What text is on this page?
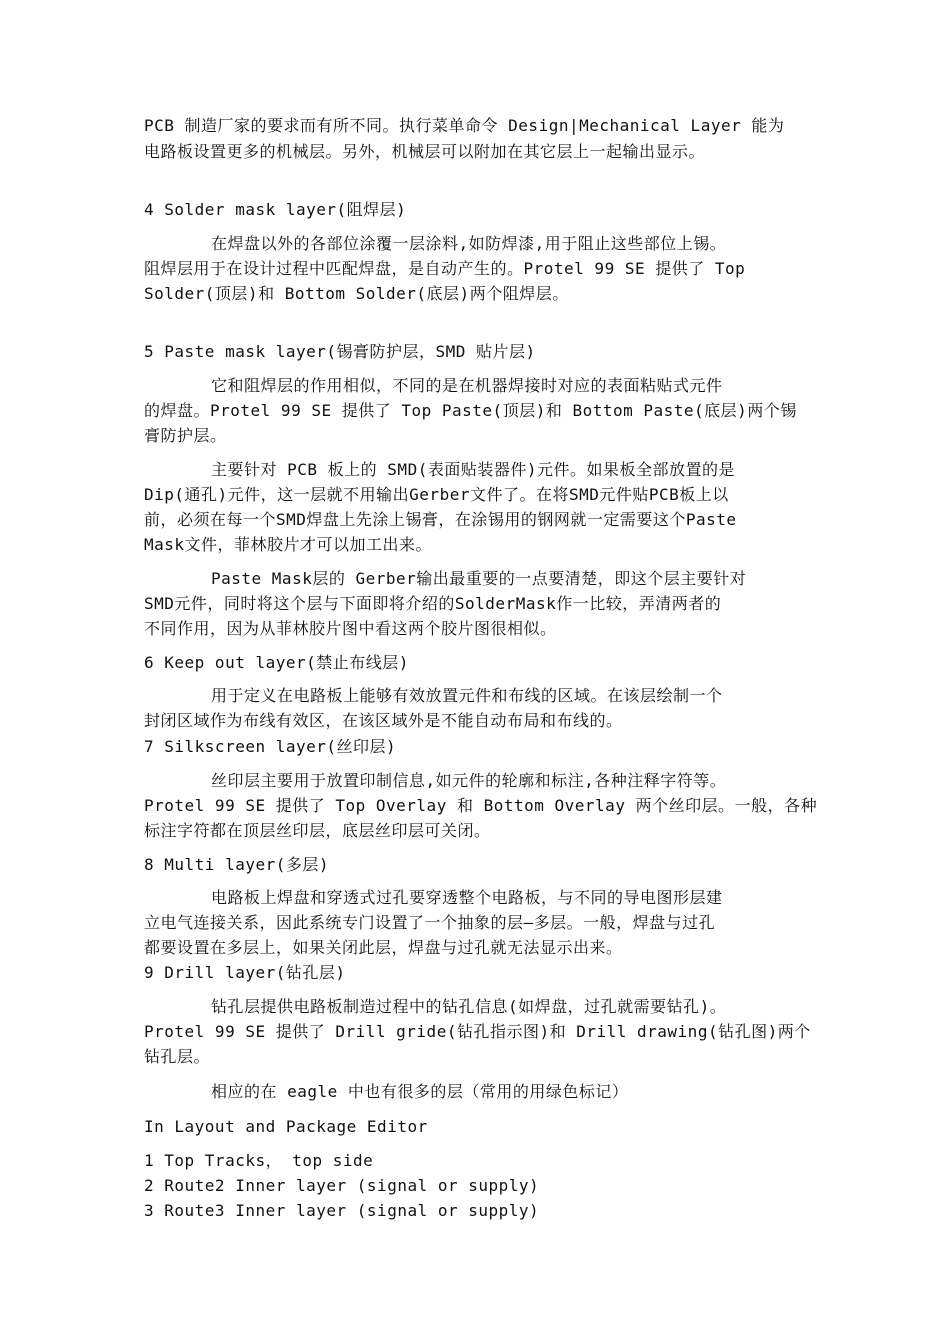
PCB 制造厂家的要求而有所不同。执行菜单命令 Design|Mechanical Layer 能为
电路板设置更多的机械层。另外，机械层可以附加在其它层上一起输出显示。
4 Solder mask layer(阻焊层)
在焊盘以外的各部位涂覆一层涂料,如防焊漆,用于阻止这些部位上锡。
阻焊层用于在设计过程中匹配焊盘，是自动产生的。Protel 99 SE 提供了 Top
Solder(顶层)和 Bottom Solder(底层)两个阻焊层。
5 Paste mask layer(锡膏防护层，SMD 贴片层)
它和阻焊层的作用相似，不同的是在机器焊接时对应的表面粘贴式元件
的焊盘。Protel 99 SE 提供了 Top Paste(顶层)和 Bottom Paste(底层)两个锡
膏防护层。
主要针对 PCB 板上的 SMD(表面贴装器件)元件。如果板全部放置的是
Dip(通孔)元件，这一层就不用输出Gerber文件了。在将SMD元件贴PCB板上以
前，必须在每一个SMD焊盘上先涂上锡膏，在涂锡用的钢网就一定需要这个Paste
Mask文件，菲林胶片才可以加工出来。
Paste Mask层的 Gerber输出最重要的一点要清楚，即这个层主要针对
SMD元件，同时将这个层与下面即将介绍的SolderMask作一比较，弄清两者的
不同作用，因为从菲林胶片图中看这两个胶片图很相似。
6 Keep out layer(禁止布线层)
用于定义在电路板上能够有效放置元件和布线的区域。在该层绘制一个
封闭区域作为布线有效区，在该区域外是不能自动布局和布线的。
7 Silkscreen layer(丝印层)
丝印层主要用于放置印制信息,如元件的轮廓和标注,各种注释字符等。
Protel 99 SE 提供了 Top Overlay 和 Bottom Overlay 两个丝印层。一般，各种
标注字符都在顶层丝印层，底层丝印层可关闭。
8 Multi layer(多层)
电路板上焊盘和穿透式过孔要穿透整个电路板，与不同的导电图形层建
立电气连接关系，因此系统专门设置了一个抽象的层—多层。一般，焊盘与过孔
都要设置在多层上，如果关闭此层，焊盘与过孔就无法显示出来。
9 Drill layer(钻孔层)
钻孔层提供电路板制造过程中的钻孔信息(如焊盘，过孔就需要钻孔)。
Protel 99 SE 提供了 Drill gride(钻孔指示图)和 Drill drawing(钻孔图)两个
钻孔层。
相应的在 eagle 中也有很多的层（常用的用绿色标记）
In Layout and Package Editor
1 Top Tracks， top side
2 Route2 Inner layer (signal or supply)
3 Route3 Inner layer (signal or supply)
